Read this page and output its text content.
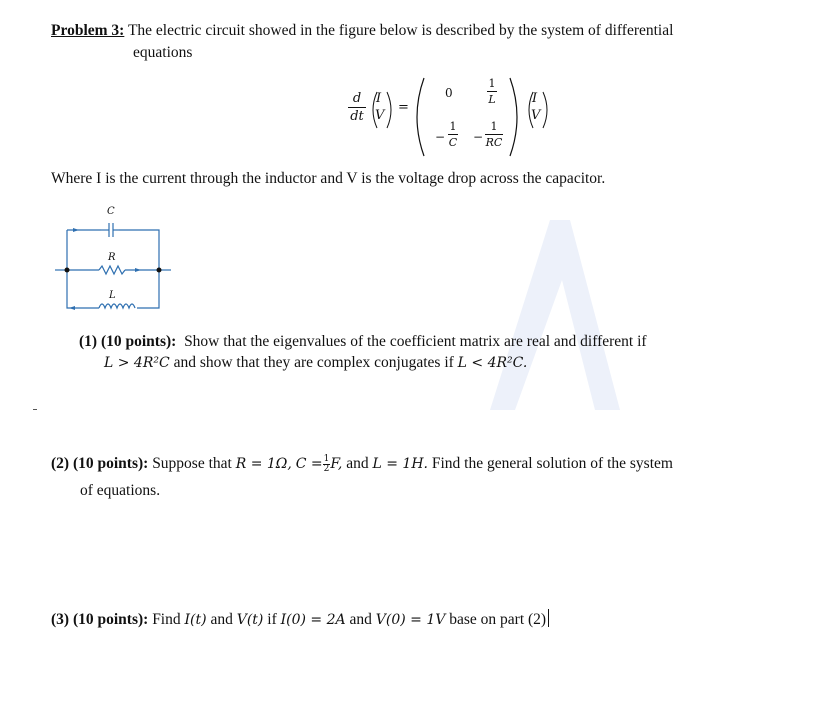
Problem 3: The electric circuit showed in the figure below is described by the system of differential
equations
d
dt
I
V
=
0
1
L
−
1
C	−
1
RC
I
V
Where I is the current through the inductor and V is the voltage drop across the capacitor.
C
R
L
(1) (10 points): Show that the eigenvalues of the coefficient matrix are real and different if
L > 4R²C and show that they are complex conjugates if L < 4R²C.
(2) (10 points): Suppose that R = 1Ω, $C = \frac{1}{2} F$, and L = 1H. Find the general solution of the system
of equations.
(3) (10 points): Find I(t) and V(t) if I(0) = 2A and V(0) = 1V base on part (2)
